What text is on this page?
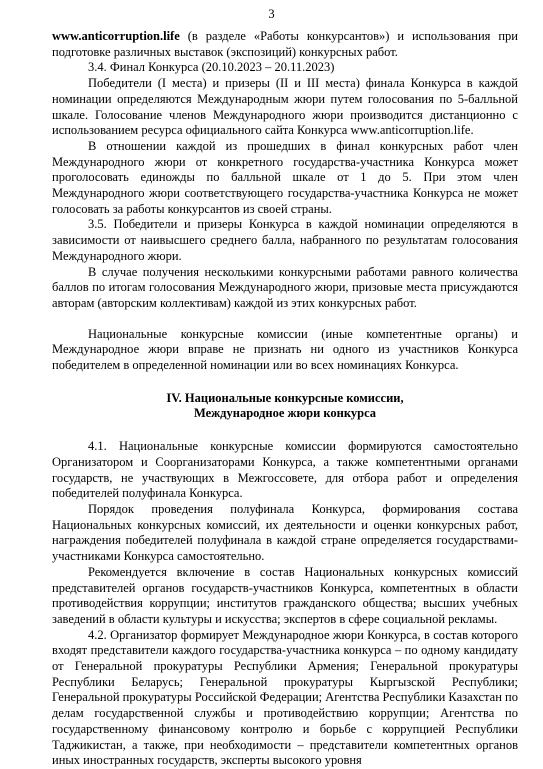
3

www.anticorruption.life (в разделе «Работы конкурсантов») и использования при подготовке различных выставок (экспозиций) конкурсных работ.

3.4. Финал Конкурса (20.10.2023 – 20.11.2023)

Победители (I места) и призеры (II и III места) финала Конкурса в каждой номинации определяются Международным жюри путем голосования по 5-балльной шкале. Голосование членов Международного жюри производится дистанционно с использованием ресурса официального сайта Конкурса www.anticorruption.life.

В отношении каждой из прошедших в финал конкурсных работ член Международного жюри от конкретного государства-участника Конкурса может проголосовать единожды по балльной шкале от 1 до 5. При этом член Международного жюри соответствующего государства-участника Конкурса не может голосовать за работы конкурсантов из своей страны.

3.5. Победители и призеры Конкурса в каждой номинации определяются в зависимости от наивысшего среднего балла, набранного по результатам голосования Международного жюри.

В случае получения несколькими конкурсными работами равного количества баллов по итогам голосования Международного жюри, призовые места присуждаются авторам (авторским коллективам) каждой из этих конкурсных работ.

Национальные конкурсные комиссии (иные компетентные органы) и Международное жюри вправе не признать ни одного из участников Конкурса победителем в определенной номинации или во всех номинациях Конкурса.

IV. Национальные конкурсные комиссии,
Международное жюри конкурса

4.1. Национальные конкурсные комиссии формируются самостоятельно Организатором и Соорганизаторами Конкурса, а также компетентными органами государств, не участвующих в Межгоссовете, для отбора работ и определения победителей полуфинала Конкурса.

Порядок проведения полуфинала Конкурса, формирования состава Национальных конкурсных комиссий, их деятельности и оценки конкурсных работ, награждения победителей полуфинала в каждой стране определяется государствами-участниками Конкурса самостоятельно.

Рекомендуется включение в состав Национальных конкурсных комиссий представителей органов государств-участников Конкурса, компетентных в области противодействия коррупции; институтов гражданского общества; высших учебных заведений в области культуры и искусства; экспертов в сфере социальной рекламы.

4.2. Организатор формирует Международное жюри Конкурса, в состав которого входят представители каждого государства-участника конкурса – по одному кандидату от Генеральной прокуратуры Республики Армения; Генеральной прокуратуры Республики Беларусь; Генеральной прокуратуры Кыргызской Республики; Генеральной прокуратуры Российской Федерации; Агентства Республики Казахстан по делам государственной службы и противодействию коррупции; Агентства по государственному финансовому контролю и борьбе с коррупцией Республики Таджикистан, а также, при необходимости – представители компетентных органов иных иностранных государств, эксперты высокого уровня
